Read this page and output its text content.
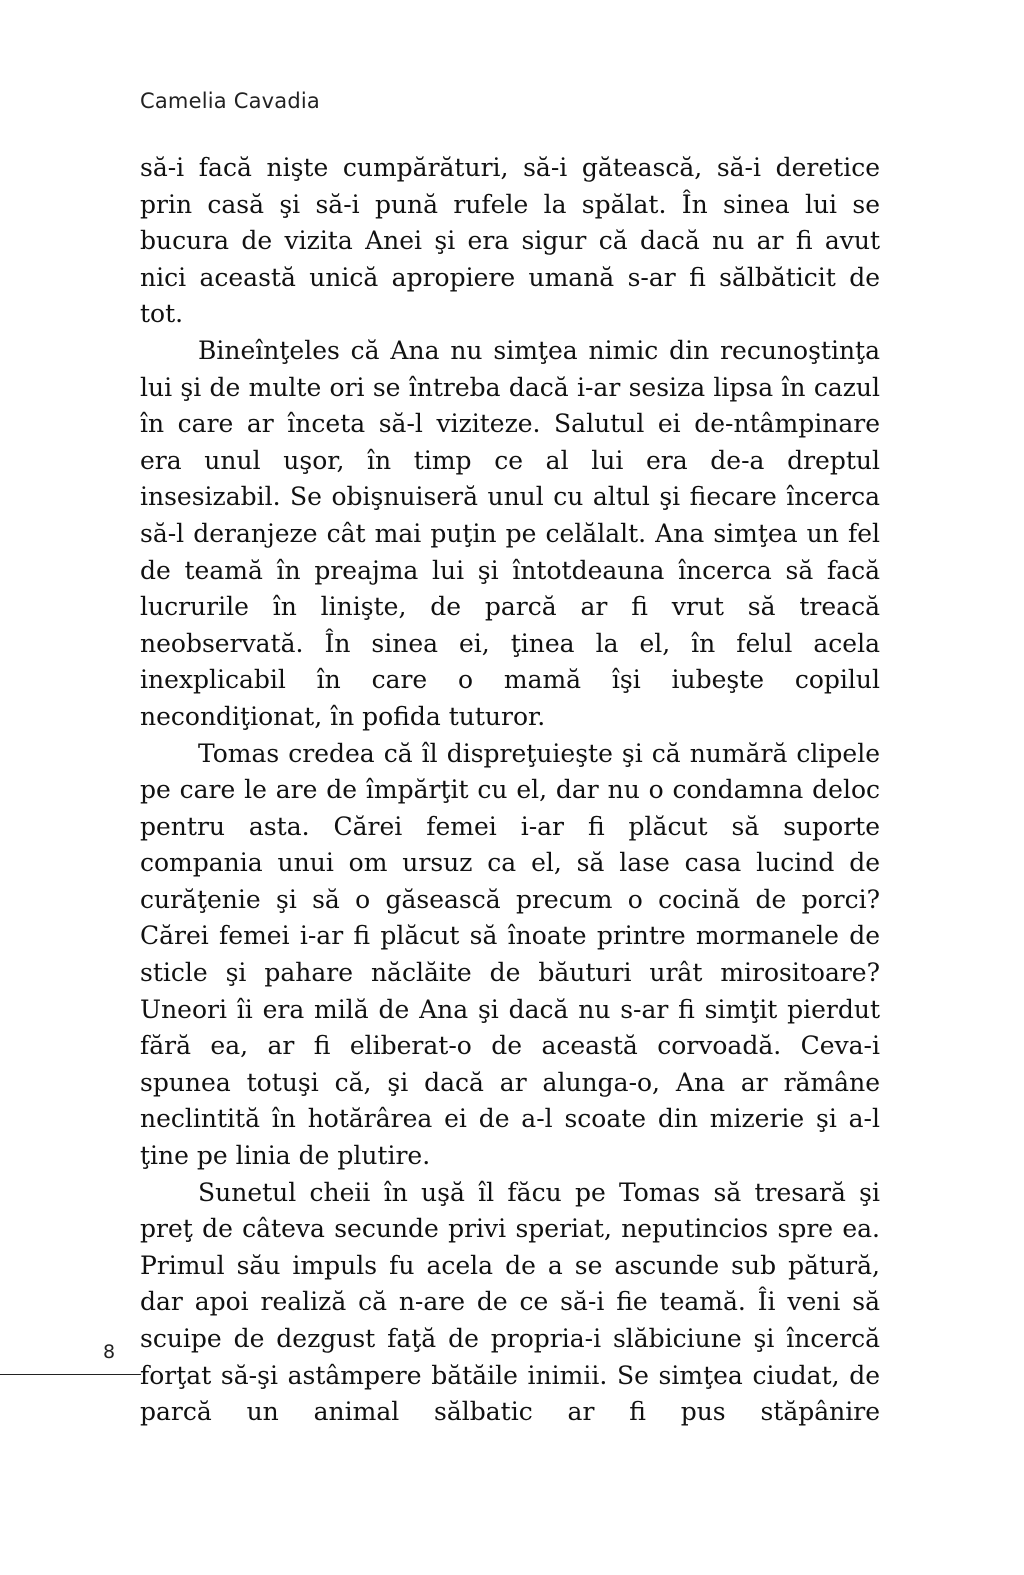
Camelia Cavadia

să-i facă nişte cumpărături, să-i gătească, să-i deretice prin casă şi să-i pună rufele la spălat. În sinea lui se bucura de vizita Anei şi era sigur că dacă nu ar fi avut nici această unică apropiere umană s-ar fi sălbăticit de tot.

Bineînţeles că Ana nu simţea nimic din recunoştinţa lui şi de multe ori se întreba dacă i-ar sesiza lipsa în cazul în care ar înceta să-l viziteze. Salutul ei de-ntâmpinare era unul uşor, în timp ce al lui era de-a dreptul insesizabil. Se obişnuiseră unul cu altul şi fiecare încerca să-l deranjeze cât mai puţin pe celălalt. Ana simţea un fel de teamă în preajma lui şi întotdeauna încerca să facă lucrurile în linişte, de parcă ar fi vrut să treacă neobservată. În sinea ei, ţinea la el, în felul acela inexplicabil în care o mamă îşi iubeşte copilul necondiţionat, în pofida tuturor.

Tomas credea că îl dispreţuieşte şi că numără clipele pe care le are de împărţit cu el, dar nu o condamna deloc pentru asta. Cărei femei i-ar fi plăcut să suporte compania unui om ursuz ca el, să lase casa lucind de curăţenie şi să o găsească precum o cocină de porci? Cărei femei i-ar fi plăcut să înoate printre mormanele de sticle şi pahare năclăite de băuturi urât mirositoare? Uneori îi era milă de Ana şi dacă nu s-ar fi simţit pierdut fără ea, ar fi eliberat-o de această corvoadă. Ceva-i spunea totuşi că, şi dacă ar alunga-o, Ana ar rămâne neclintită în hotărârea ei de a-l scoate din mizerie şi a-l ţine pe linia de plutire.

Sunetul cheii în uşă îl făcu pe Tomas să tresară şi preţ de câteva secunde privi speriat, neputincios spre ea. Primul său impuls fu acela de a se ascunde sub pătură, dar apoi realiză că n-are de ce să-i fie teamă. Îi veni să scuipe de dezgust faţă de propria-i slăbiciune şi încercă forţat să-şi astâmpere bătăile inimii. Se simţea ciudat, de parcă un animal sălbatic ar fi pus stăpânire

8
